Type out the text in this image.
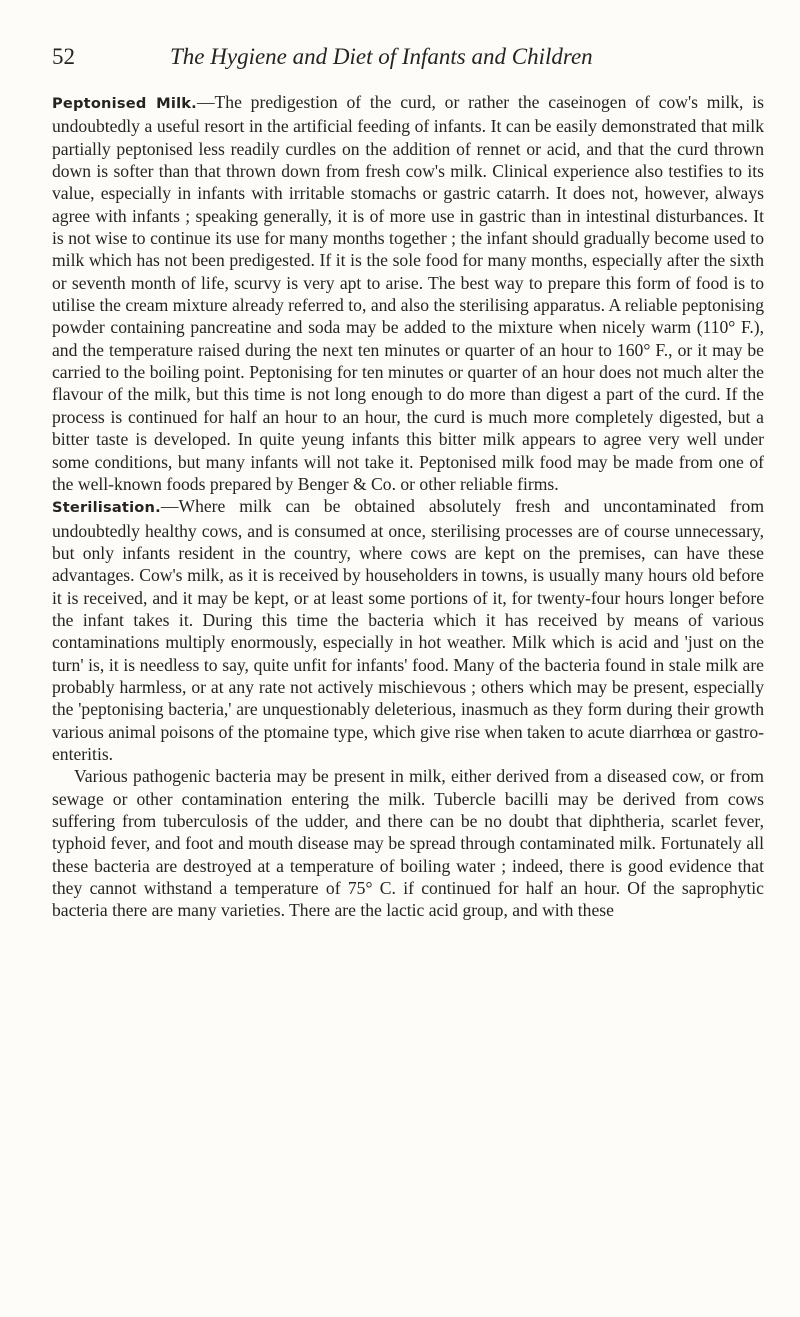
52	The Hygiene and Diet of Infants and Children

Peptonised Milk.—The predigestion of the curd, or rather the caseinogen of cow's milk, is undoubtedly a useful resort in the artificial feeding of infants. It can be easily demonstrated that milk partially peptonised less readily curdles on the addition of rennet or acid, and that the curd thrown down is softer than that thrown down from fresh cow's milk. Clinical experience also testifies to its value, especially in infants with irritable stomachs or gastric catarrh. It does not, however, always agree with infants ; speaking generally, it is of more use in gastric than in intestinal disturbances. It is not wise to continue its use for many months together ; the infant should gradually become used to milk which has not been predigested. If it is the sole food for many months, especially after the sixth or seventh month of life, scurvy is very apt to arise. The best way to prepare this form of food is to utilise the cream mixture already referred to, and also the sterilising apparatus. A reliable peptonising powder containing pancreatine and soda may be added to the mixture when nicely warm (110° F.), and the temperature raised during the next ten minutes or quarter of an hour to 160° F., or it may be carried to the boiling point. Peptonising for ten minutes or quarter of an hour does not much alter the flavour of the milk, but this time is not long enough to do more than digest a part of the curd. If the process is continued for half an hour to an hour, the curd is much more completely digested, but a bitter taste is developed. In quite yeung infants this bitter milk appears to agree very well under some conditions, but many infants will not take it. Peptonised milk food may be made from one of the well-known foods prepared by Benger & Co. or other reliable firms.

Sterilisation.—Where milk can be obtained absolutely fresh and uncontaminated from undoubtedly healthy cows, and is consumed at once, sterilising processes are of course unnecessary, but only infants resident in the country, where cows are kept on the premises, can have these advantages. Cow's milk, as it is received by householders in towns, is usually many hours old before it is received, and it may be kept, or at least some portions of it, for twenty-four hours longer before the infant takes it. During this time the bacteria which it has received by means of various contaminations multiply enormously, especially in hot weather. Milk which is acid and 'just on the turn' is, it is needless to say, quite unfit for infants' food. Many of the bacteria found in stale milk are probably harmless, or at any rate not actively mischievous ; others which may be present, especially the 'peptonising bacteria,' are unquestionably deleterious, inasmuch as they form during their growth various animal poisons of the ptomaine type, which give rise when taken to acute diarrhœa or gastro-enteritis.

Various pathogenic bacteria may be present in milk, either derived from a diseased cow, or from sewage or other contamination entering the milk. Tubercle bacilli may be derived from cows suffering from tuberculosis of the udder, and there can be no doubt that diphtheria, scarlet fever, typhoid fever, and foot and mouth disease may be spread through contaminated milk. Fortunately all these bacteria are destroyed at a temperature of boiling water ; indeed, there is good evidence that they cannot withstand a temperature of 75° C. if continued for half an hour. Of the saprophytic bacteria there are many varieties. There are the lactic acid group, and with these
